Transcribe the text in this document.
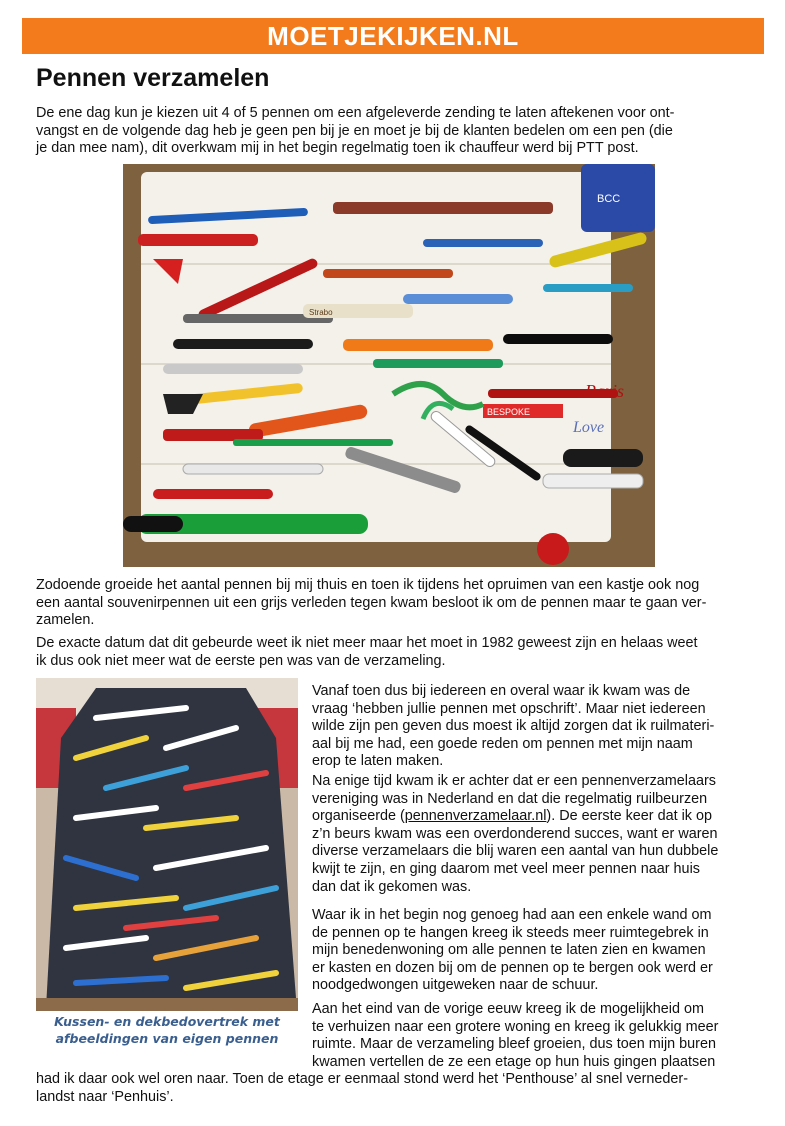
MOETJEKIJKEN.NL
Pennen verzamelen

De ene dag kun je kiezen uit 4 of 5 pennen om een afgeleverde zending te laten aftekenen voor ont-
vangst en de volgende dag heb je geen pen bij je en moet je bij de klanten bedelen om een pen (die
je dan mee nam), dit overkwam mij in het begin regelmatig toen ik chauffeur werd bij PTT post.

BCC
Strabo
Paris
BESPOKE
Love

Zodoende groeide het aantal pennen bij mij thuis en toen ik tijdens het opruimen van een kastje ook nog
een aantal souvenirpennen uit een grijs verleden tegen kwam besloot ik om de pennen maar te gaan ver-
zamelen.

De exacte datum dat dit gebeurde weet ik niet meer maar het moet in 1982 geweest zijn en helaas weet
ik dus ook niet meer wat de eerste pen was van de verzameling.

Kussen- en dekbedovertrek met
afbeeldingen van eigen pennen

Vanaf toen dus bij iedereen en overal waar ik kwam was de
vraag ‘hebben jullie pennen met opschrift’. Maar niet iedereen
wilde zijn pen geven dus moest ik altijd zorgen dat ik ruilmateri-
aal bij me had, een goede reden om pennen met mijn naam
erop te laten maken.

Na enige tijd kwam ik er achter dat er een pennenverzamelaars
vereniging was in Nederland en dat die regelmatig ruilbeurzen
organiseerde (pennenverzamelaar.nl). De eerste keer dat ik op
z’n beurs kwam was een overdonderend succes, want er waren
diverse verzamelaars die blij waren een aantal van hun dubbele
kwijt te zijn, en ging daarom met veel meer pennen naar huis
dan dat ik gekomen was.

Waar ik in het begin nog genoeg had aan een enkele wand om
de pennen op te hangen kreeg ik steeds meer ruimtegebrek in
mijn benedenwoning om alle pennen te laten zien en kwamen
er kasten en dozen bij om de pennen op te bergen ook werd er
noodgedwongen uitgeweken naar de schuur.

Aan het eind van de vorige eeuw kreeg ik de mogelijkheid om
te verhuizen naar een grotere woning en kreeg ik gelukkig meer
ruimte. Maar de verzameling bleef groeien, dus toen mijn buren
kwamen vertellen de ze een etage op hun huis gingen plaatsen

had ik daar ook wel oren naar. Toen de etage er eenmaal stond werd het ‘Penthouse’ al snel verneder-
landst naar ‘Penhuis’.
